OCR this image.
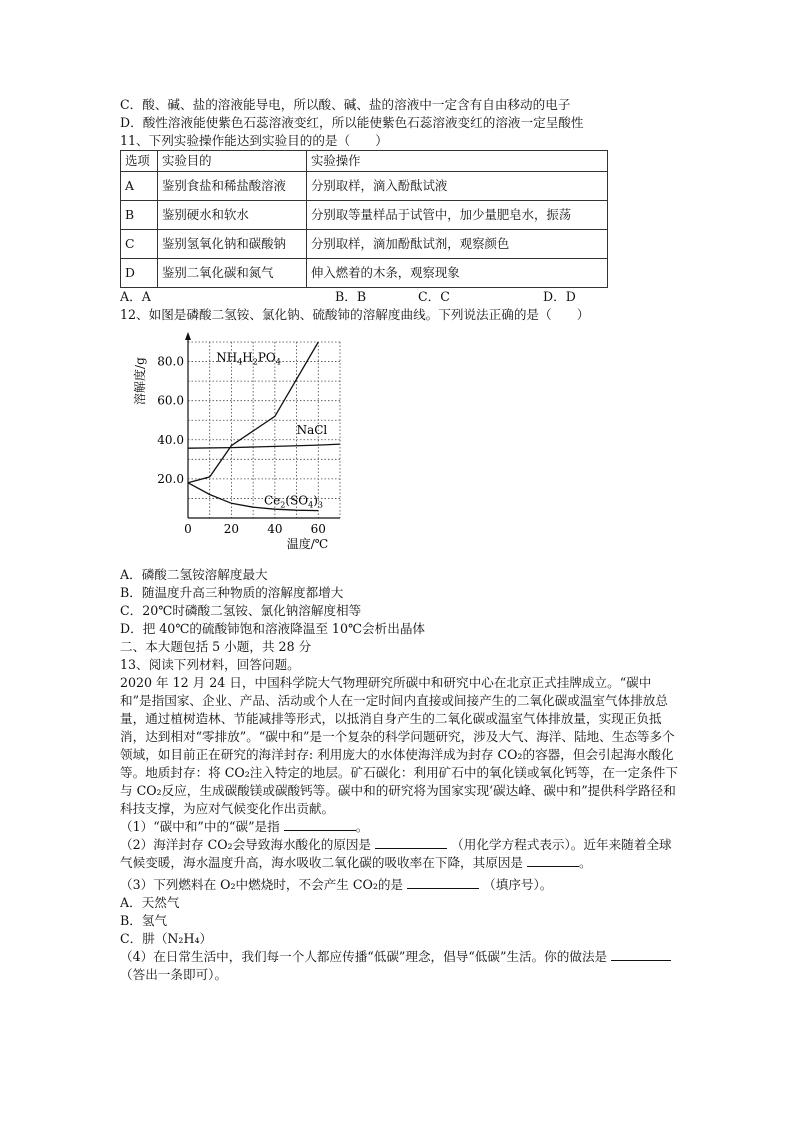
C．酸、碱、盐的溶液能导电，所以酸、碱、盐的溶液中一定含有自由移动的电子
D．酸性溶液能使紫色石蕊溶液变红，所以能使紫色石蕊溶液变红的溶液一定呈酸性
11、下列实验操作能达到实验目的的是（　　）
选项	实验目的	实验操作
A	鉴别食盐和稀盐酸溶液	分别取样，滴入酚酞试液
B	鉴别硬水和软水	分别取等量样品于试管中，加少量肥皂水，振荡
C	鉴别氢氧化钠和碳酸钠	分别取样，滴加酚酞试剂，观察颜色
D	鉴别二氧化碳和氮气	伸入燃着的木条，观察现象
A．A	B．B	C．C	D．D
12、如图是磷酸二氢铵、氯化钠、硫酸铈的溶解度曲线。下列说法正确的是（　　）
0	20 40 60
20.0
40.0
60.0
80.0
温度/℃
溶解度/g	$NH_4H_2PO_4$
NaCl
$Ce_2(SO_4)_3$
A．磷酸二氢铵溶解度最大
B．随温度升高三种物质的溶解度都增大
C．20℃时磷酸二氢铵、氯化钠溶解度相等
D．把 40℃的硫酸铈饱和溶液降温至 10℃会析出晶体
二、本大题包括 5 小题，共 28 分
13、阅读下列材料，回答问题。
2020 年 12 月 24 日，中国科学院大气物理研究所碳中和研究中心在北京正式挂牌成立。“碳中和”是指国家、企业、产品、活动或个人在一定时间内直接或间接产生的二氧化碳或温室气体排放总量，通过植树造林、节能减排等形式，以抵消自身产生的二氧化碳或温室气体排放量，实现正负抵消，达到相对“零排放”。“碳中和”是一个复杂的科学问题研究，涉及大气、海洋、陆地、生态等多个领域，如目前正在研究的海洋封存: 利用庞大的水体使海洋成为封存 CO₂的容器，但会引起海水酸化等。地质封存：将 CO₂注入特定的地层。矿石碳化：利用矿石中的氧化镁或氧化钙等，在一定条件下与 CO₂反应，生成碳酸镁或碳酸钙等。碳中和的研究将为国家实现‘碳达峰、碳中和”提供科学路径和科技支撑，为应对气候变化作出贡献。
（1）“碳中和”中的“碳”是指	。
（2）海洋封存 CO₂会导致海水酸化的原因是	（用化学方程式表示）。近年来随着全球气候变暖，海水温度升高，海水吸收二氧化碳的吸收率在下降，其原因是	。
（3）下列燃料在 O₂中燃烧时，不会产生 CO₂的是	（填序号）。
A．天然气
B．氢气
C．肼（N₂H₄）
（4）在日常生活中，我们每一个人都应传播“低碳”理念，倡导“低碳”生活。你的做法是 （答出一条即可）。
